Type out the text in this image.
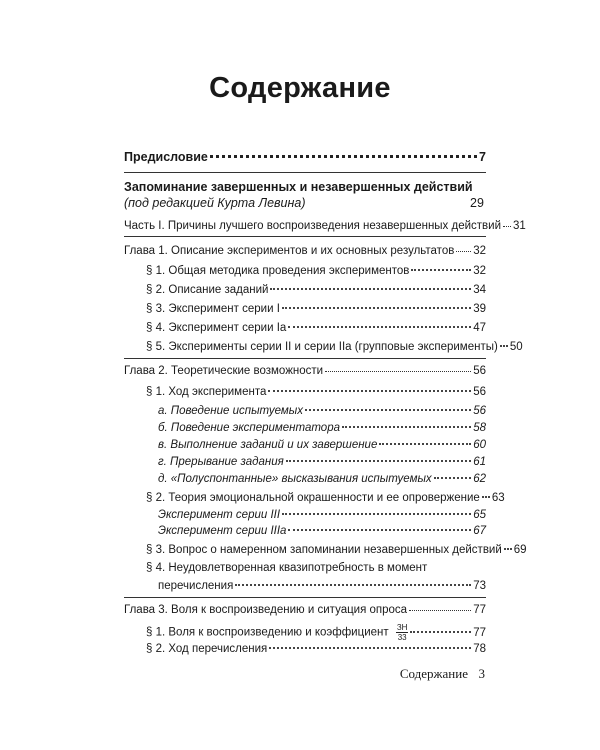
Содержание
Предисловие	7
Запоминание завершенных и незавершенных действий
(под редакцией Курта Левина)	29
Часть I. Причины лучшего воспроизведения незавершенных действий 31
Глава 1. Описание экспериментов и их основных результатов 32
§ 1. Общая методика проведения экспериментов	32
§ 2. Описание заданий	34
§ 3. Эксперимент серии I	39
§ 4. Эксперимент серии Ia	47
§ 5. Эксперименты серии II и серии IIa (групповые эксперименты) 50
Глава 2. Теоретические возможности	56
§ 1. Ход эксперимента	56
а. Поведение испытуемых	56
б. Поведение экспериментатора	58
в. Выполнение заданий и их завершение	60
г. Прерывание задания	61
д. «Полуспонтанные» высказывания испытуемых	62
§ 2. Теория эмоциональной окрашенности и ее опровержение 63
Эксперимент серии III	65
Эксперимент серии IIIa	67
§ 3. Вопрос о намеренном запоминании незавершенных действий 69
§ 4. Неудовлетворенная квазипотребность в момент
перечисления	73
Глава 3. Воля к воспроизведению и ситуация опроса	77
§ 1. Воля к воспроизведению и коэффициент $\frac{ЗН}{33}$	77
§ 2. Ход перечисления	78
Содержание 3
